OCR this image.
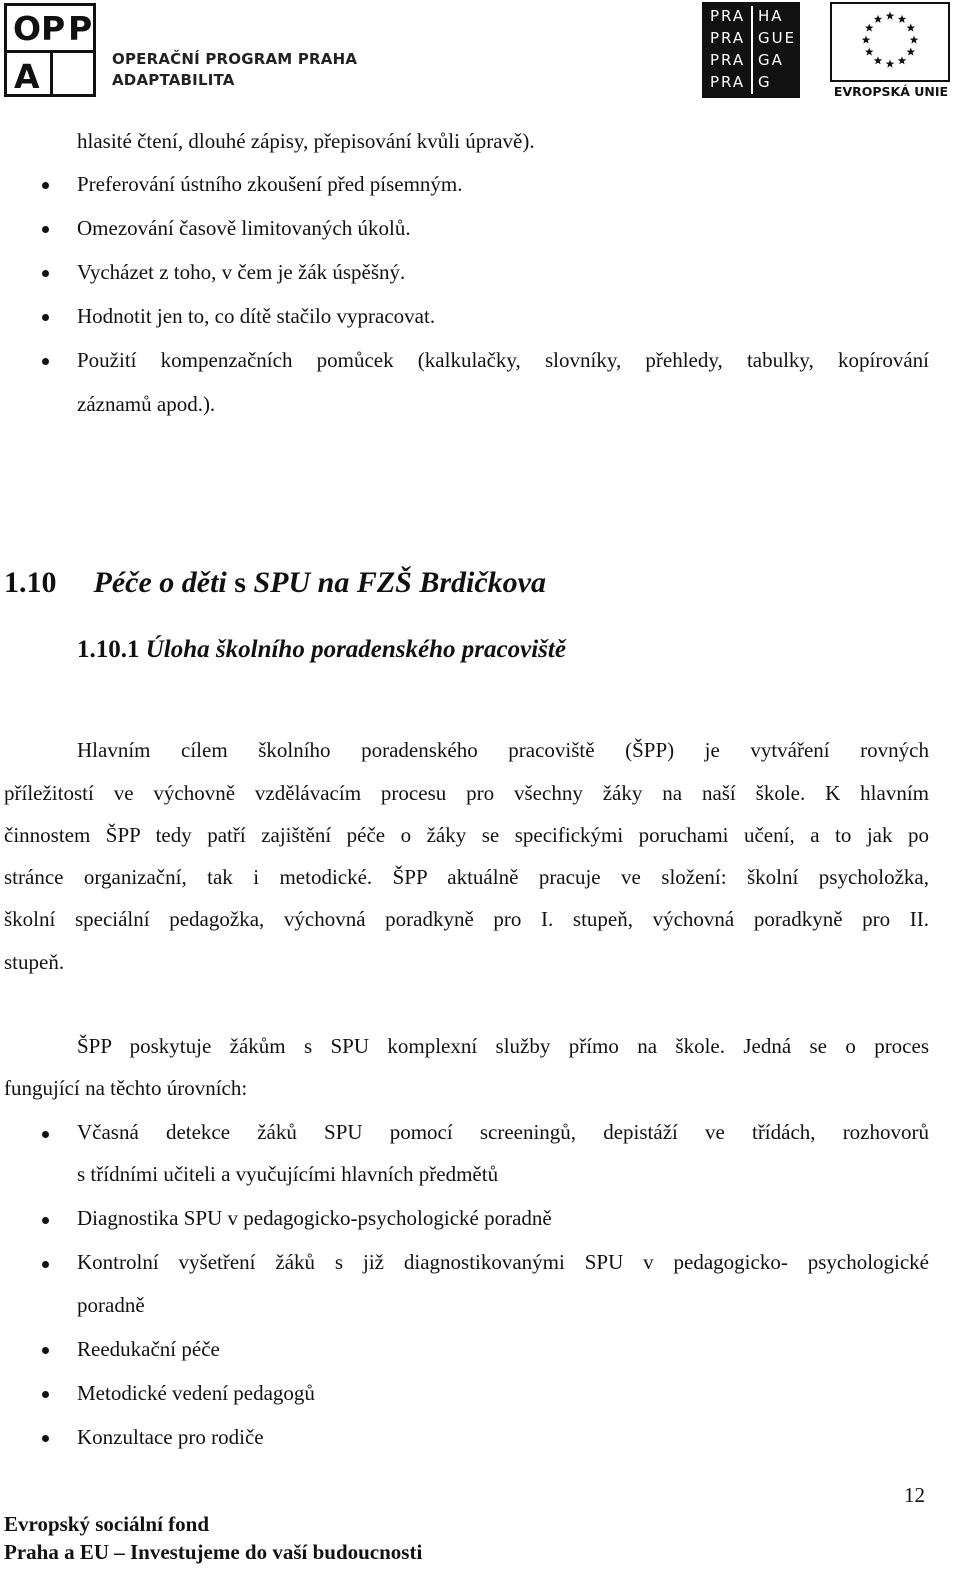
O P P
A	OPERAČNÍ PROGRAM PRAHA
ADAPTABILITA
PRA HA
PRA GUE
PRA GA
PRA G
EVROPSKÁ UNIE
hlasité čtení, dlouhé zápisy, přepisování kvůli úpravě).
Preferování ústního zkoušení před písemným.
Omezování časově limitovaných úkolů.
Vycházet z toho, v čem je žák úspěšný.
Hodnotit jen to, co dítě stačilo vypracovat.
Použití kompenzačních pomůcek (kalkulačky, slovníky, přehledy, tabulky, kopírování
záznamů apod.).
1.10 Péče o děti s SPU na FZŠ Brdičkova
1.10.1 Úloha školního poradenského pracoviště
Hlavním cílem školního poradenského pracoviště (ŠPP) je vytváření rovných
příležitostí ve výchovně vzdělávacím procesu pro všechny žáky na naší škole. K hlavním
činnostem ŠPP tedy patří zajištění péče o žáky se specifickými poruchami učení, a to jak po
stránce organizační, tak i metodické. ŠPP aktuálně pracuje ve složení: školní psycholožka,
školní speciální pedagožka, výchovná poradkyně pro I. stupeň, výchovná poradkyně pro II.
stupeň.
ŠPP poskytuje žákům s SPU komplexní služby přímo na škole. Jedná se o proces
fungující na těchto úrovních:
Včasná detekce žáků SPU pomocí screeningů, depistáží ve třídách, rozhovorů
s třídními učiteli a vyučujícími hlavních předmětů
Diagnostika SPU v pedagogicko-psychologické poradně
Kontrolní vyšetření žáků s již diagnostikovanými SPU v pedagogicko- psychologické
poradně
Reedukační péče
Metodické vedení pedagogů
Konzultace pro rodiče
12
Evropský sociální fond
Praha a EU – Investujeme do vaší budoucnosti
